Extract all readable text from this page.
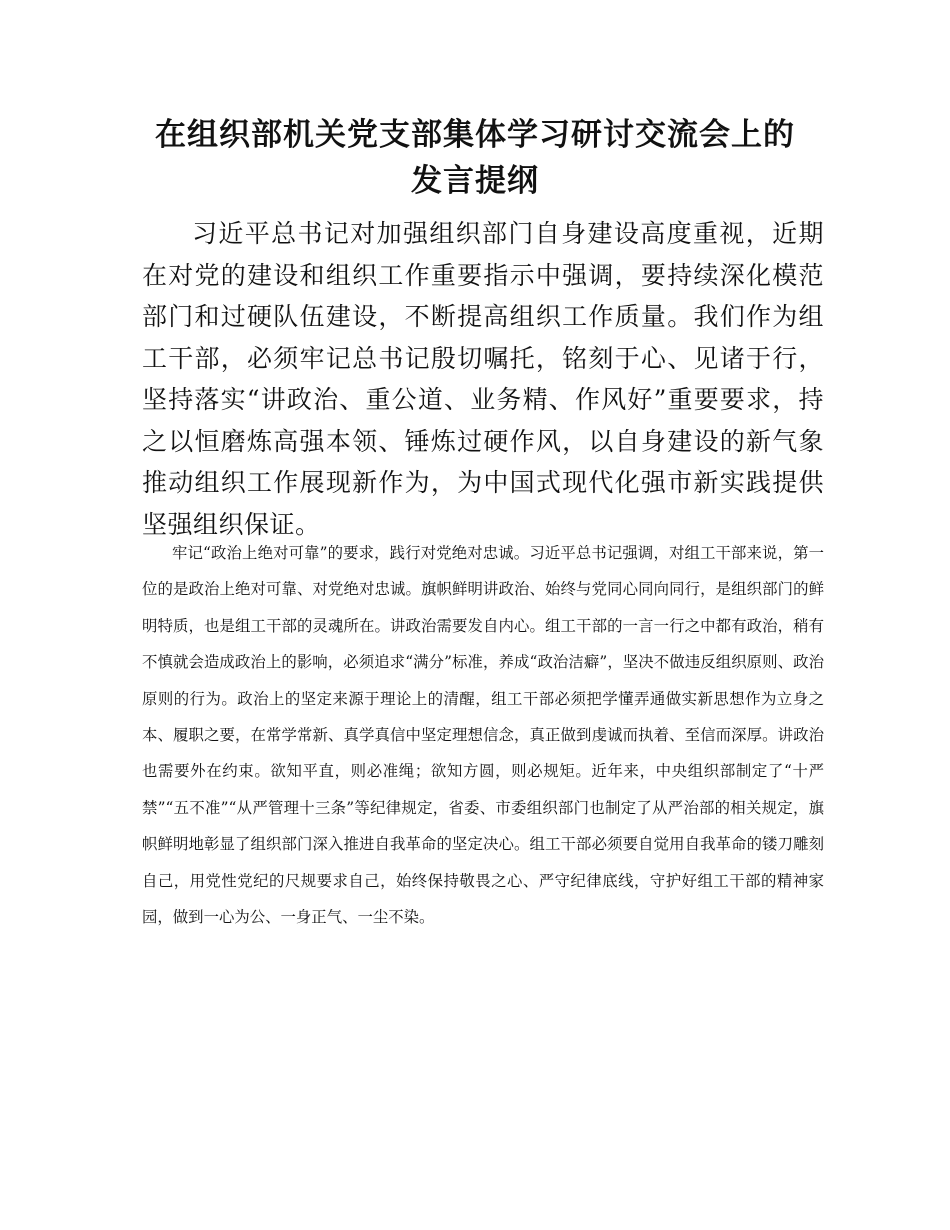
在组织部机关党支部集体学习研讨交流会上的
发言提纲

习近平总书记对加强组织部门自身建设高度重视，近期在对党的建设和组织工作重要指示中强调，要持续深化模范部门和过硬队伍建设，不断提高组织工作质量。我们作为组工干部，必须牢记总书记殷切嘱托，铭刻于心、见诸于行，坚持落实“讲政治、重公道、业务精、作风好”重要要求，持之以恒磨炼高强本领、锤炼过硬作风，以自身建设的新气象推动组织工作展现新作为，为中国式现代化强市新实践提供坚强组织保证。

牢记“政治上绝对可靠”的要求，践行对党绝对忠诚。习近平总书记强调，对组工干部来说，第一位的是政治上绝对可靠、对党绝对忠诚。旗帜鲜明讲政治、始终与党同心同向同行，是组织部门的鲜明特质，也是组工干部的灵魂所在。讲政治需要发自内心。组工干部的一言一行之中都有政治，稍有不慎就会造成政治上的影响，必须追求“满分”标准，养成“政治洁癖”，坚决不做违反组织原则、政治原则的行为。政治上的坚定来源于理论上的清醒，组工干部必须把学懂弄通做实新思想作为立身之本、履职之要，在常学常新、真学真信中坚定理想信念，真正做到虔诚而执着、至信而深厚。讲政治也需要外在约束。欲知平直，则必准绳；欲知方圆，则必规矩。近年来，中央组织部制定了“十严禁”“五不准”“从严管理十三条”等纪律规定，省委、市委组织部门也制定了从严治部的相关规定，旗帜鲜明地彰显了组织部门深入推进自我革命的坚定决心。组工干部必须要自觉用自我革命的镂刀雕刻自己，用党性党纪的尺规要求自己，始终保持敬畏之心、严守纪律底线，守护好组工干部的精神家园，做到一心为公、一身正气、一尘不染。
